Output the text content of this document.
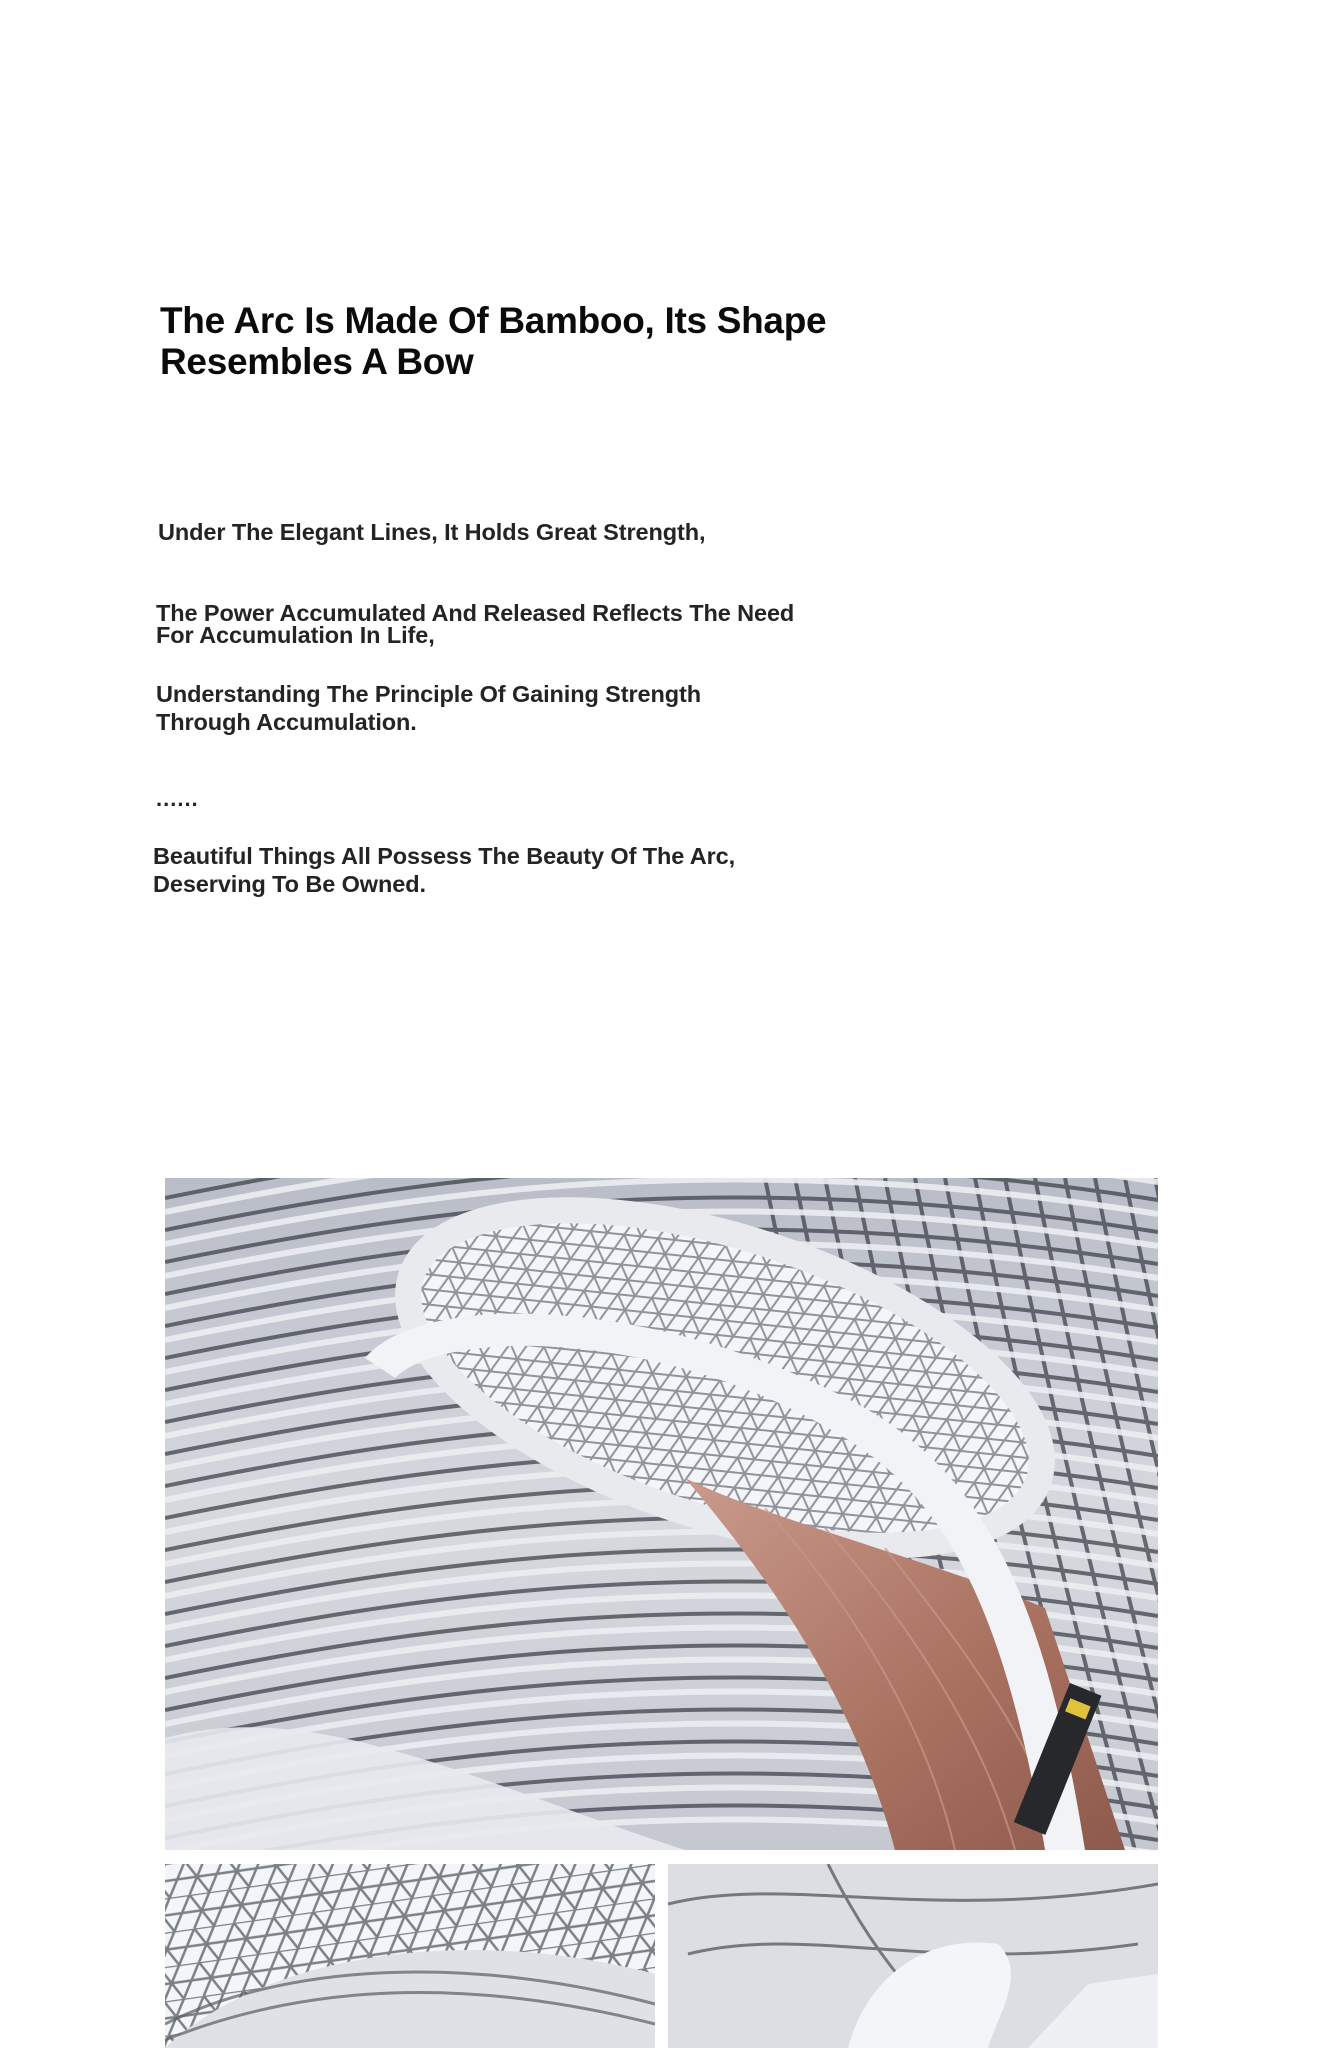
The Arc Is Made Of Bamboo, Its Shape Resembles A Bow

Under The Elegant Lines, It Holds Great Strength,

The Power Accumulated And Released Reflects The Need For Accumulation In Life,

Understanding The Principle Of Gaining Strength Through Accumulation.

......

Beautiful Things All Possess The Beauty Of The Arc, Deserving To Be Owned.
